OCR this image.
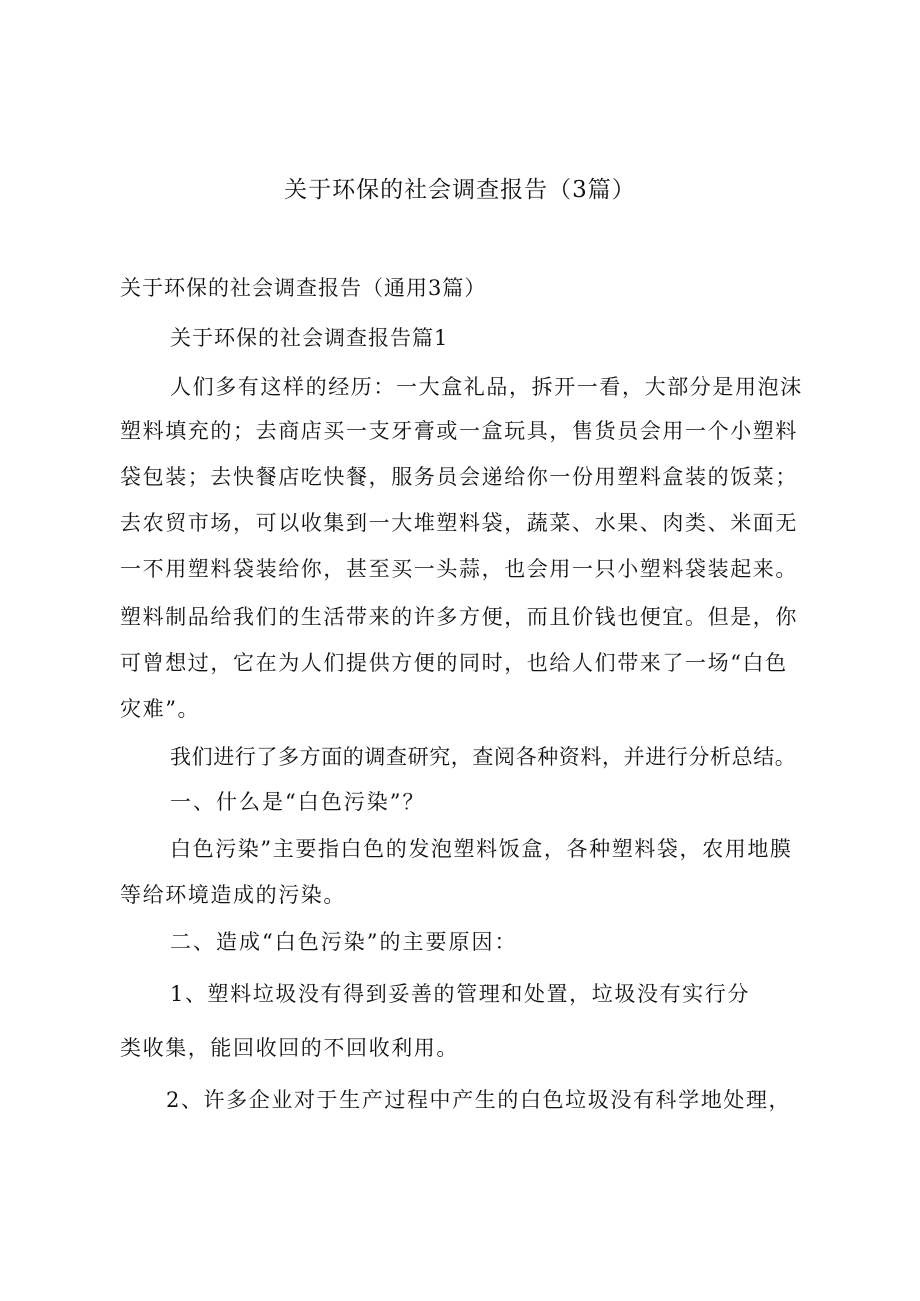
关于环保的社会调查报告（3篇）
关于环保的社会调查报告（通用3篇）
关于环保的社会调查报告篇1
人们多有这样的经历：一大盒礼品，拆开一看，大部分是用泡沫
塑料填充的；去商店买一支牙膏或一盒玩具，售货员会用一个小塑料
袋包装；去快餐店吃快餐，服务员会递给你一份用塑料盒装的饭菜；
去农贸市场，可以收集到一大堆塑料袋，蔬菜、水果、肉类、米面无
一不用塑料袋装给你，甚至买一头蒜，也会用一只小塑料袋装起来。
塑料制品给我们的生活带来的许多方便，而且价钱也便宜。但是，你
可曾想过，它在为人们提供方便的同时，也给人们带来了一场“白色
灾难”。
我们进行了多方面的调查研究，查阅各种资料，并进行分析总结。
一、什么是“白色污染”？
白色污染”主要指白色的发泡塑料饭盒，各种塑料袋，农用地膜
等给环境造成的污染。
二、造成“白色污染”的主要原因：
1、塑料垃圾没有得到妥善的管理和处置，垃圾没有实行分
类收集，能回收回的不回收利用。
2、许多企业对于生产过程中产生的白色垃圾没有科学地处理，
